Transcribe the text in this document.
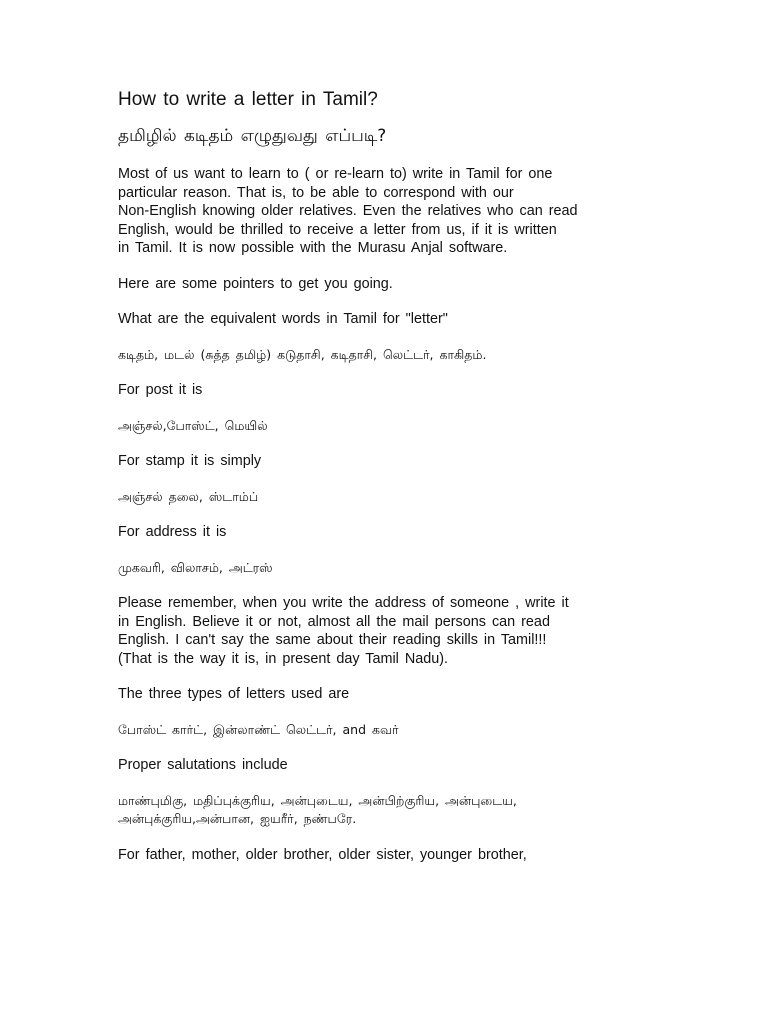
How to write a letter in Tamil?
தமிழில் கடிதம் எழுதுவது எப்படி?
Most of us want to learn to ( or re-learn to) write in Tamil for one
particular reason. That is, to be able to correspond with our
Non-English knowing older relatives. Even the relatives who can read
English, would be thrilled to receive a letter from us, if it is written
in Tamil. It is now possible with the Murasu Anjal software.
Here are some pointers to get you going.
What are the equivalent words in Tamil for "letter"
கடிதம், மடல் (சுத்த தமிழ்) கடுதாசி, கடிதாசி, லெட்டர், காகிதம்.
For post it is
அஞ்சல்,போஸ்ட், மெயில்
For stamp it is simply
அஞ்சல் தலை, ஸ்டாம்ப்
For address it is
முகவரி, விலாசம், அட்ரஸ்
Please remember, when you write the address of someone , write it
in English. Believe it or not, almost all the mail persons can read
English. I can't say the same about their reading skills in Tamil!!!
(That is the way it is, in present day Tamil Nadu).
The three types of letters used are
போஸ்ட் கார்ட், இன்லாண்ட் லெட்டர், and கவர்
Proper salutations include
மாண்புமிகு, மதிப்புக்குரிய, அன்புடைய, அன்பிற்குரிய, அன்புடைய,
அன்புக்குரிய,அன்பான, ஐயரீர், நண்பரே.
For father, mother, older brother, older sister, younger brother,
